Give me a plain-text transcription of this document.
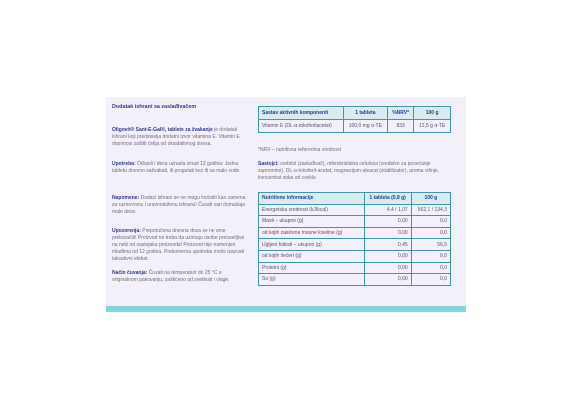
Dodatak ishrani sa zaslađivačem
Oligovit® Sant-E-Gal®, tablete za žvakanje je dodatak ishrani koji predstavlja dodatni izvor vitamina E. Vitamin E doprinosi zaštiti ćelija od oksidativnog stresa.
Upotreba: Odrasli i deca uzrasta iznad 12 godina: Jednu tabletu dnevno sažvakati, ili progutati bez ili sa malo vode.
Napomene: Dodaci ishrani se ne mogu koristiti kao zamena za raznovrsnu i uravnoteženu ishranu! Čuvati van domašaja male dece.
Upozorenja: Preporučena dnevna doza se ne sme prekoračiti! Proizvod ne treba da uzimaju osobe preosetljive na neki od sastojaka proizvoda! Proizvod nije namenjen mlađima od 12 godina. Prekomerna upotreba može izazvati laksativni efekat.
Način čuvanja: Čuvati na temperaturi do 25 °C u originalnom pakovanju, zaštićeno od svetlosti i vlage.
Sastav aktivnih komponenti	1 tableta	%NRV*	100 g
Vitamin E (DL-α-tokoferilacetat)	100,0 mg α-TE	833	12,5 g α-TE
*NRV – nutritivna referentna vrednost
Sastojci: sorbitol (zaslađivač), mikrokristalna celuloza (sredstvo za povećanje zapremine), DL-α-tokoferil-acetat, magnezijum-stearat (stabilizator), aroma višnje, koncentrat soka od cvekle.
Nutritivne informacije	1 tableta (0,8 g)	100 g
Energetska vrednost (kJ/kcal)	4,4 / 1,07	562,1 / 134,3
Masti – ukupno (g)	0,00	0,0
od kojih zasićene masne kiseline (g)	0,00	0,0
Ugljeni hidrati – ukupno (g)	0,45	56,5
od kojih šećeri (g)	0,00	0,0
Proteini (g)	0,00	0,0
So (g)	0,00	0,0
